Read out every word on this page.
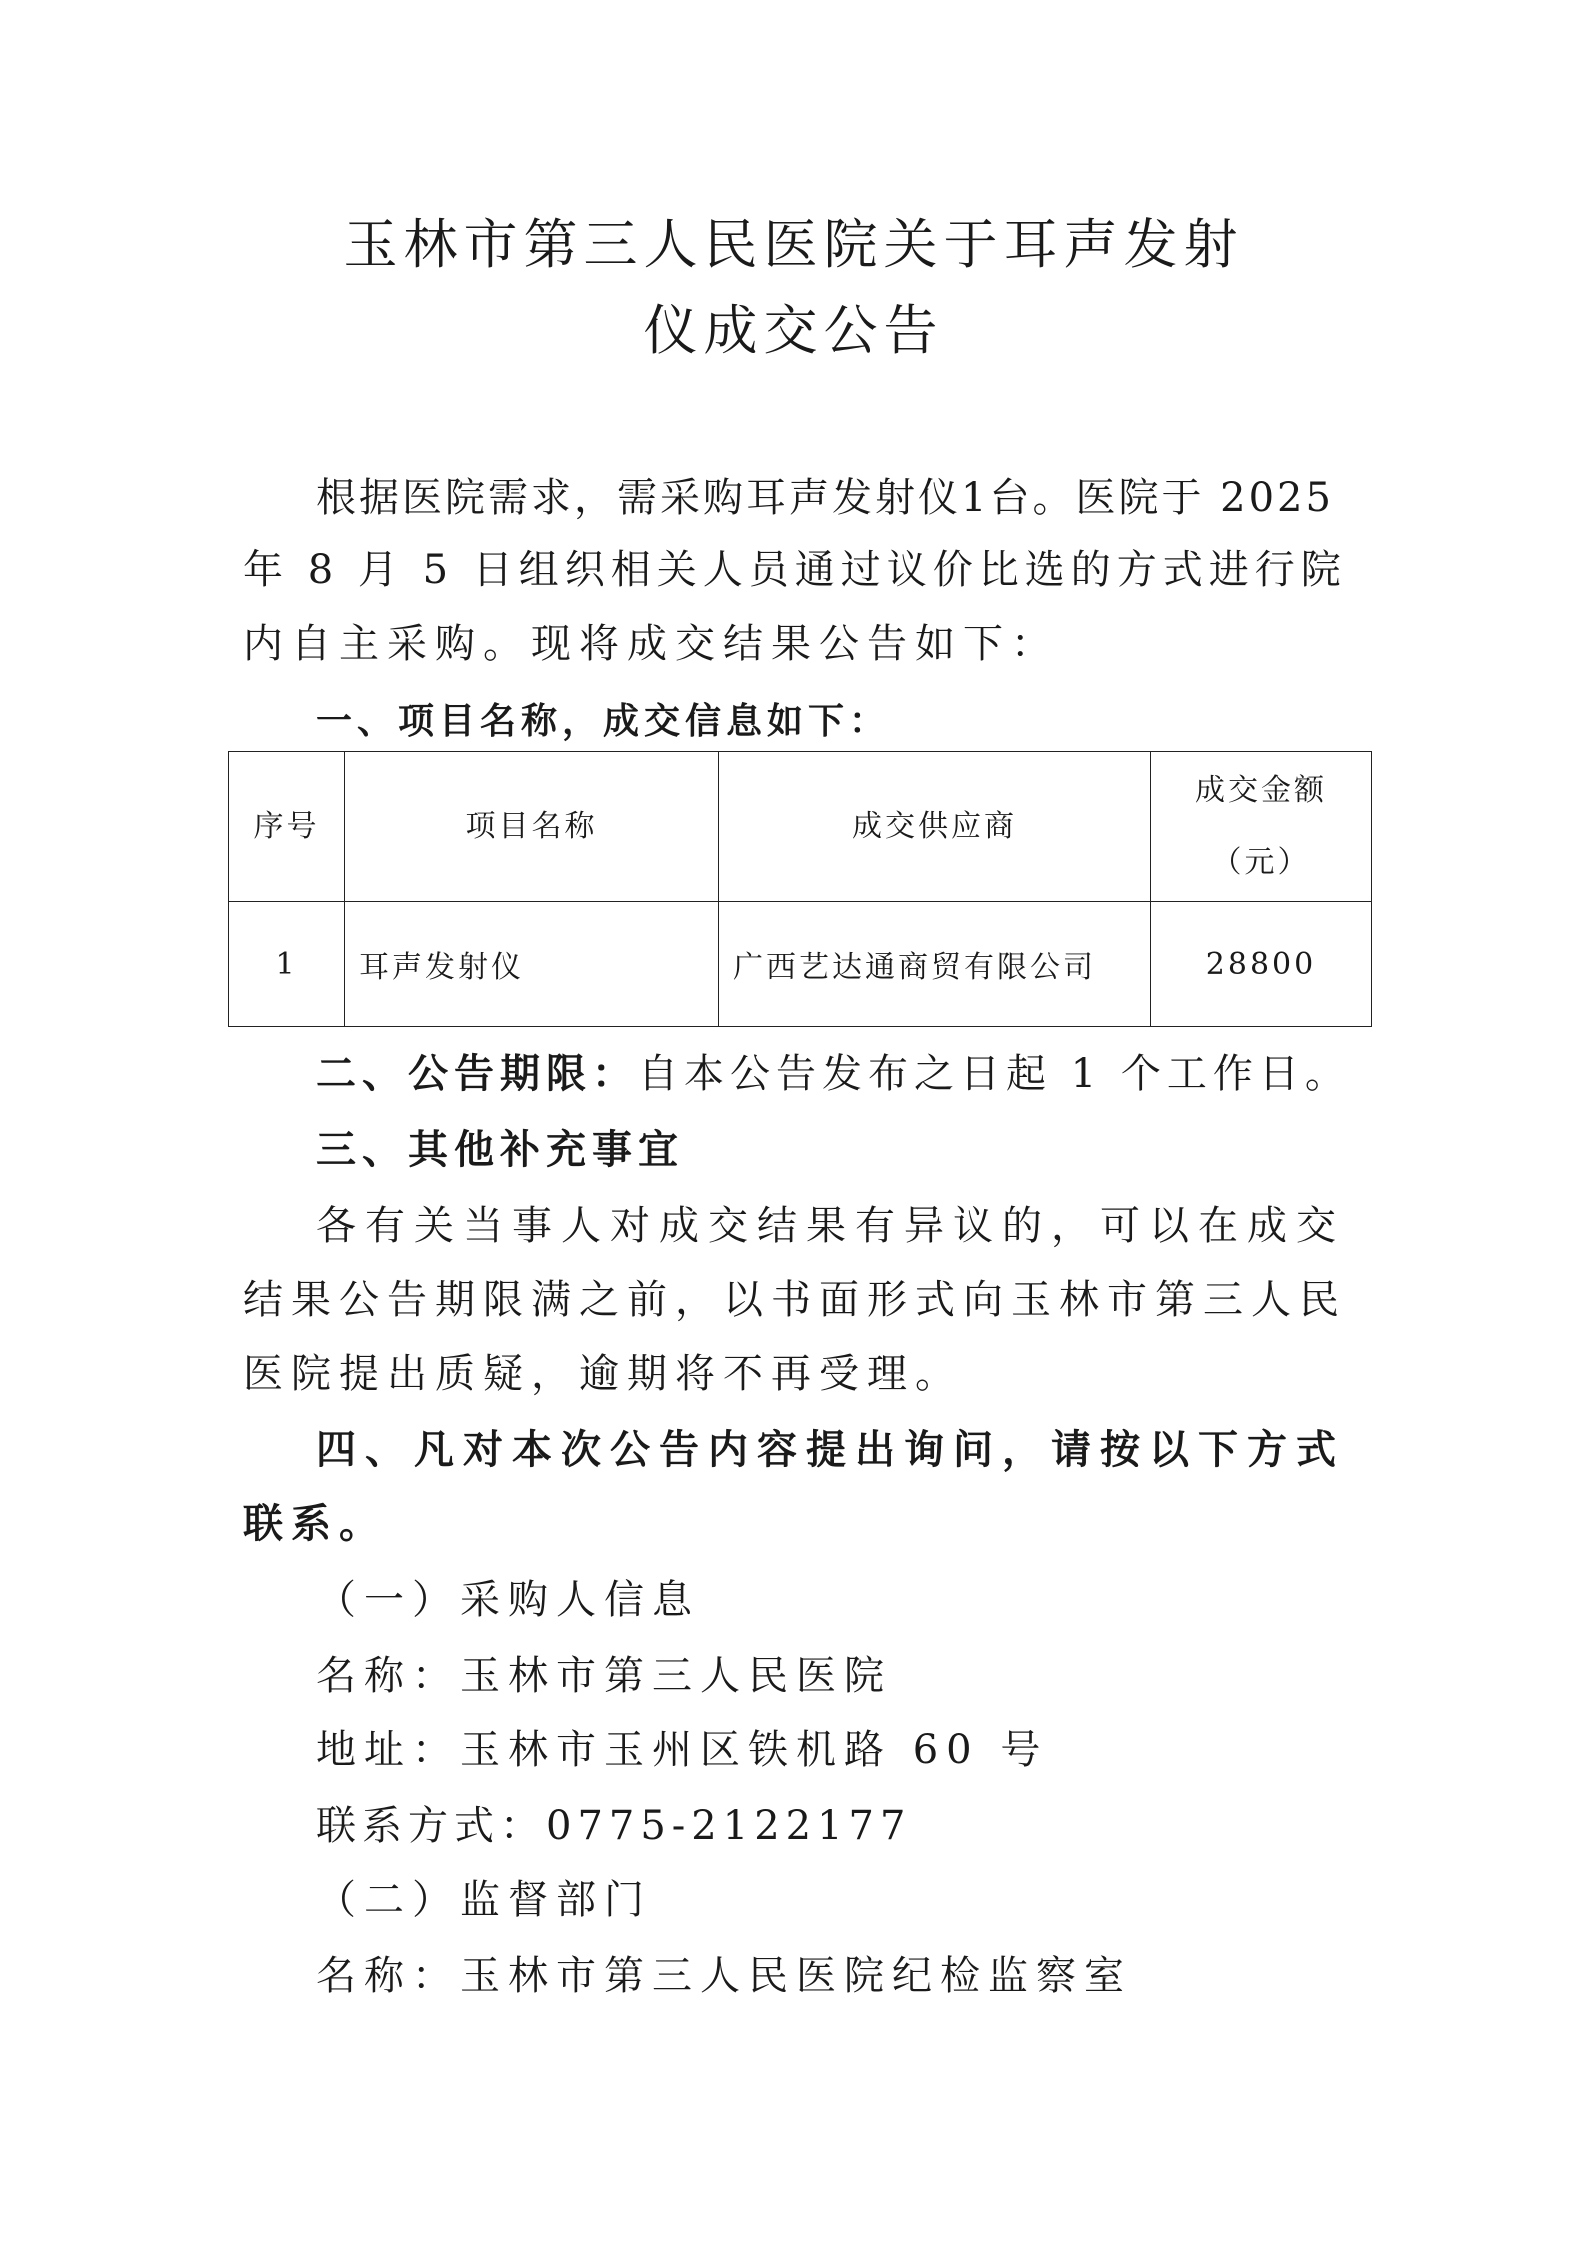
玉林市第三人民医院关于耳声发射
仪成交公告
根据医院需求，需采购耳声发射仪1台。医院于 2025
年 8 月 5 日组织相关人员通过议价比选的方式进行院
内自主采购。现将成交结果公告如下：
一、项目名称，成交信息如下：
序号	项目名称	成交供应商	成交金额
（元）

1	耳声发射仪	广西艺达通商贸有限公司	28800
二、公告期限：自本公告发布之日起 1 个工作日。
三、其他补充事宜
各有关当事人对成交结果有异议的，可以在成交
结果公告期限满之前，以书面形式向玉林市第三人民
医院提出质疑，逾期将不再受理。
四、凡对本次公告内容提出询问，请按以下方式
联系。
（一）采购人信息
名称：玉林市第三人民医院
地址：玉林市玉州区铁机路 60 号
联系方式：0775-2122177
（二）监督部门
名称：玉林市第三人民医院纪检监察室
